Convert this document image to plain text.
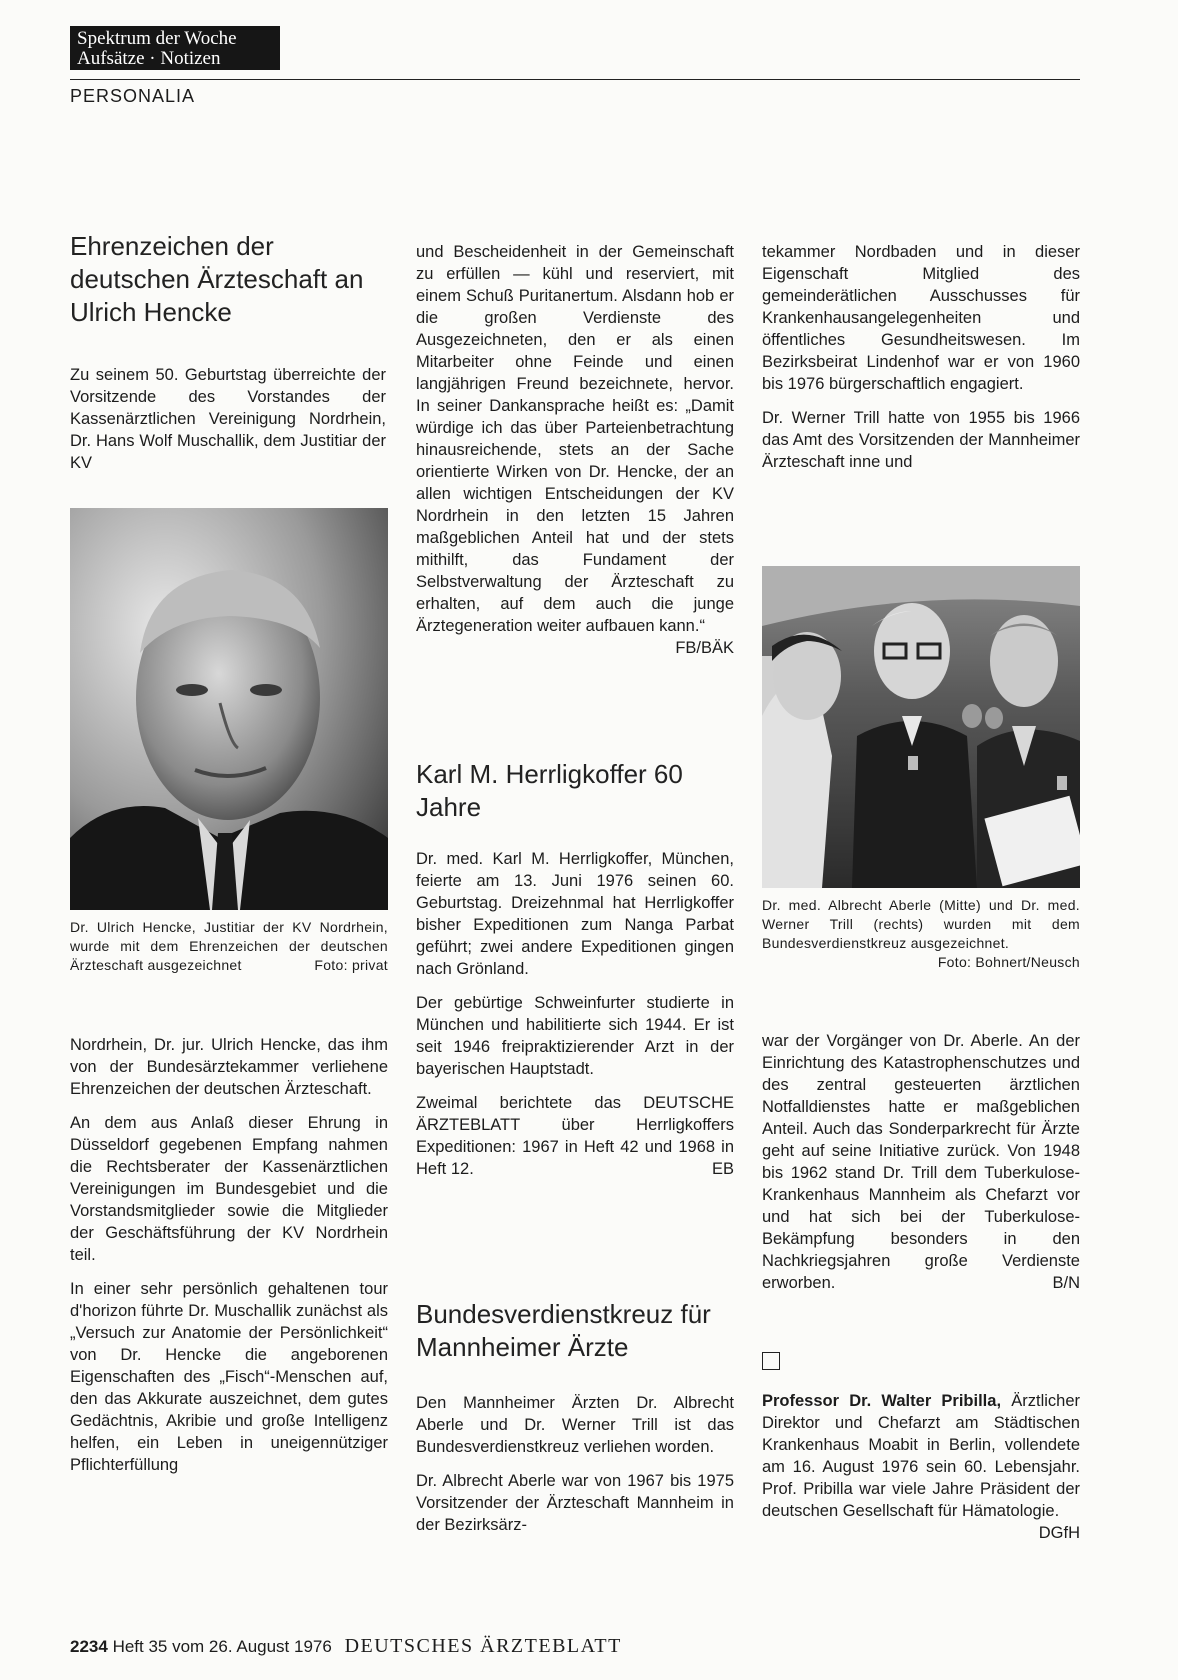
Spektrum der Woche
Aufsätze · Notizen
PERSONALIA
Ehrenzeichen der deutschen Ärzteschaft an Ulrich Hencke

Zu seinem 50. Geburtstag überreichte der Vorsitzende des Vorstandes der Kassenärztlichen Vereinigung Nordrhein, Dr. Hans Wolf Muschallik, dem Justitiar der KV

Dr. Ulrich Hencke, Justitiar der KV Nordrhein, wurde mit dem Ehrenzeichen der deutschen Ärzteschaft ausgezeichnet	Foto: privat

Nordrhein, Dr. jur. Ulrich Hencke, das ihm von der Bundesärztekammer verliehene Ehrenzeichen der deutschen Ärzteschaft.

An dem aus Anlaß dieser Ehrung in Düsseldorf gegebenen Empfang nahmen die Rechtsberater der Kassenärztlichen Vereinigungen im Bundesgebiet und die Vorstandsmitglieder sowie die Mitglieder der Geschäftsführung der KV Nordrhein teil.

In einer sehr persönlich gehaltenen tour d'horizon führte Dr. Muschallik zunächst als „Versuch zur Anatomie der Persönlichkeit“ von Dr. Hencke die angeborenen Eigenschaften des „Fisch“-Menschen auf, den das Akkurate auszeichnet, dem gutes Gedächtnis, Akribie und große Intelligenz helfen, ein Leben in uneigennütziger Pflichterfüllung

und Bescheidenheit in der Gemeinschaft zu erfüllen — kühl und reserviert, mit einem Schuß Puritanertum. Alsdann hob er die großen Verdienste des Ausgezeichneten, den er als einen Mitarbeiter ohne Feinde und einen langjährigen Freund bezeichnete, hervor. In seiner Dankansprache heißt es: „Damit würdige ich das über Parteienbetrachtung hinausreichende, stets an der Sache orientierte Wirken von Dr. Hencke, der an allen wichtigen Entscheidungen der KV Nordrhein in den letzten 15 Jahren maßgeblichen Anteil hat und der stets mithilft, das Fundament der Selbstverwaltung der Ärzteschaft zu erhalten, auf dem auch die junge Ärztegeneration weiter aufbauen kann.“
FB/BÄK

Karl M. Herrligkoffer 60 Jahre

Dr. med. Karl M. Herrligkoffer, München, feierte am 13. Juni 1976 seinen 60. Geburtstag. Dreizehnmal hat Herrligkoffer bisher Expeditionen zum Nanga Parbat geführt; zwei andere Expeditionen gingen nach Grönland.

Der gebürtige Schweinfurter studierte in München und habilitierte sich 1944. Er ist seit 1946 freipraktizierender Arzt in der bayerischen Hauptstadt.

Zweimal berichtete das DEUTSCHE ÄRZTEBLATT über Herrligkoffers Expeditionen: 1967 in Heft 42 und 1968 in Heft 12.	EB

Bundesverdienstkreuz für Mannheimer Ärzte

Den Mannheimer Ärzten Dr. Albrecht Aberle und Dr. Werner Trill ist das Bundesverdienstkreuz verliehen worden.

Dr. Albrecht Aberle war von 1967 bis 1975 Vorsitzender der Ärzteschaft Mannheim in der Bezirksärz-

tekammer Nordbaden und in dieser Eigenschaft Mitglied des gemeinderätlichen Ausschusses für Krankenhausangelegenheiten und öffentliches Gesundheitswesen. Im Bezirksbeirat Lindenhof war er von 1960 bis 1976 bürgerschaftlich engagiert.

Dr. Werner Trill hatte von 1955 bis 1966 das Amt des Vorsitzenden der Mannheimer Ärzteschaft inne und

Dr. med. Albrecht Aberle (Mitte) und Dr. med. Werner Trill (rechts) wurden mit dem Bundesverdienstkreuz ausgezeichnet.
Foto: Bohnert/Neusch

war der Vorgänger von Dr. Aberle. An der Einrichtung des Katastrophenschutzes und des zentral gesteuerten ärztlichen Notfalldienstes hatte er maßgeblichen Anteil. Auch das Sonderparkrecht für Ärzte geht auf seine Initiative zurück. Von 1948 bis 1962 stand Dr. Trill dem Tuberkulose-Krankenhaus Mannheim als Chefarzt vor und hat sich bei der Tuberkulose-Bekämpfung besonders in den Nachkriegsjahren große Verdienste erworben.	B/N

Professor Dr. Walter Pribilla, Ärztlicher Direktor und Chefarzt am Städtischen Krankenhaus Moabit in Berlin, vollendete am 16. August 1976 sein 60. Lebensjahr. Prof. Pribilla war viele Jahre Präsident der deutschen Gesellschaft für Hämatologie.
DGfH

2234 Heft 35 vom 26. August 1976 DEUTSCHES ÄRZTEBLATT
